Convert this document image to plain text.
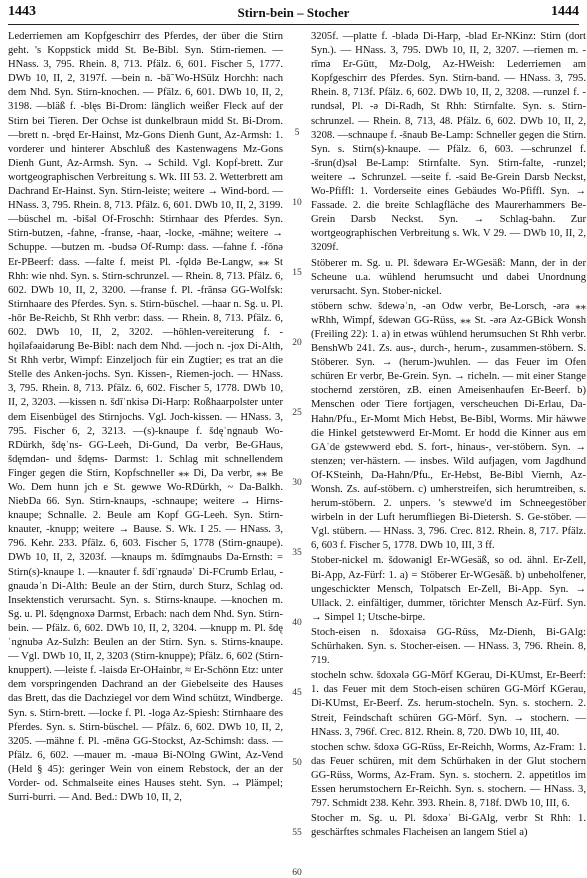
1443	Stirn-bein – Stocher	1444

Lederriemen am Kopfgeschirr des Pferdes, der über die Stirn geht. 's Koppstick midd St. Be-Bibl. Syn. Stirn-riemen. — HNass. 3, 795. Rhein. 8, 713. Pfälz. 6, 601. Fischer 5, 1777. DWb 10, II, 2, 3197f. —bein n. -bā̃ Wo-HSülz Horchh: nach dem Nhd. Syn. Stirn-knochen. — Pfälz. 6, 601. DWb 10, II, 2, 3198. —bläß f. -blęs Bi-Drom: länglich weißer Fleck auf der Stirn bei Tieren. Der Ochse ist dunkelbraun midd St. Bi-Drom. —brett n. -bręd Er-Hainst, Mz-Gons Dienh Gunt, Az-Armsh: 1. vorderer und hinterer Abschluß des Kastenwagens Mz-Gons Dienh Gunt, Az-Armsh. Syn. → Schild. Vgl. Kopf-brett. Zur wortgeographischen Verbreitung s. Wk. III 53. 2. Wetterbrett am Dachrand Er-Hainst. Syn. Stirn-leiste; weitere → Wind-bord. — HNass. 3, 795. Rhein. 8, 713. Pfälz. 6, 601. DWb 10, II, 2, 3199. —büschel m. -bišəl Of-Froschh: Stirnhaar des Pferdes. Syn. Stirn-butzen, -fahne, -franse, -haar, -locke, -mähne; weitere → Schuppe. —butzen m. -budsə Of-Rump: dass. —fahne f. -fōnə Er-PBeerf: dass. —falte f. meist Pl. -fǫldə Be-Langw, ⁎⁎ St Rhh: wie nhd. Syn. s. Stirn-schrunzel. — Rhein. 8, 713. Pfälz. 6, 602. DWb 10, II, 2, 3200. —franse f. Pl. -frãnsə GG-Wolfsk: Stirnhaare des Pferdes. Syn. s. Stirn-büschel. —haar n. Sg. u. Pl. -hōr Be-Reichb, St Rhh verbr: dass. — Rhein. 8, 713. Pfälz. 6, 602. DWb 10, II, 2, 3202. —höhlen-vereiterung f. -hǫilǝfǝaidǝrung Be-Bibl: nach dem Nhd. —joch n. -jox Di-Alth, St Rhh verbr, Wimpf: Einzeljoch für ein Zugtier; es trat an die Stelle des Anken-jochs. Syn. Kissen-, Riemen-joch. — HNass. 3, 795. Rhein. 8, 713. Pfälz. 6, 602. Fischer 5, 1778. DWb 10, II, 2, 3203. —kissen n. šdīˈnkisə Di-Harp: Roßhaarpolster unter dem Eisenbügel des Stirnjochs. Vgl. Joch-kissen. — HNass. 3, 795. Fischer 6, 2, 3213. —(s)-knaupe f. šdęˈngnaub Wo-RDürkh, šdęˈns- GG-Leeh, Di-Gund, Da verbr, Be-GHaus, šdęmdən- und šdęms- Darmst: 1. Schlag mit schnellendem Finger gegen die Stirn, Kopfschneller ⁎⁎ Di, Da verbr, ⁎⁎ Be Wo. Dem hunn jch e St. gewwe Wo-RDürkh, ~ Da-Balkh. NiebDa 66. Syn. Stirn-knaups, -schnaupe; weitere → Hirns-knaupe; Schnalle. 2. Beule am Kopf GG-Leeh. Syn. Stirn-knauter, -knupp; weitere → Bause. S. Wk. I 25. — HNass. 3, 796. Kehr. 233. Pfälz. 6, 603. Fischer 5, 1778 (Stirn-gnaupe). DWb 10, II, 2, 3203f. —knaups m. šdīmgnaubs Da-Ernsth: = Stirn(s)-knaupe 1. —knauter f. šdīˈrgnaudəˈ Di-FCrumb Erlau, -gnaudəˈn Di-Alth: Beule an der Stirn, durch Sturz, Schlag od. Insektenstich verursacht. Syn. s. Stirns-knaupe. —knochen m. Sg. u. Pl. šdęngnoxə Darmst, Erbach: nach dem Nhd. Syn. Stirn-bein. — Pfälz. 6, 602. DWb 10, II, 2, 3204. —knupp m. Pl. šdęˈngnubə Az-Sulzh: Beulen an der Stirn. Syn. s. Stirns-knaupe. — Vgl. DWb 10, II, 2, 3203 (Stirn-knuppe); Pfälz. 6, 602 (Stirn-knuppert). —leiste f. -laisdə Er-OHainbr, ≈ Er-Schönn Etz: unter dem vorspringenden Dachrand an der Giebelseite des Hauses das Brett, das die Dachziegel vor dem Wind schützt, Windberge. Syn. s. Stirn-brett. —locke f. Pl. -logə Az-Spiesh: Stirnhaare des Pferdes. Syn. s. Stirn-büschel. — Pfälz. 6, 602. DWb 10, II, 2, 3205. —mähne f. Pl. -mēnə GG-Stockst, Az-Schimsh: dass. — Pfälz. 6, 602. —mauer m. -mauə Bi-NOlng GWint, Az-Vend (Held § 45): geringer Wein von einem Rebstock, der an der Vorder- od. Schmalseite eines Hauses steht. Syn. → Plämpel; Surri-burri. — And. Bed.: DWb 10, II, 2,

5
10
15
20
25
30
35
40
45
50
55
60

3205f. —platte f. -bladə Di-Harp, -blad Er-NKinz: Stirn (dort Syn.). — HNass. 3, 795. DWb 10, II, 2, 3207. —riemen m. -rīmə Er-Gütt, Mz-Dolg, Az-HWeish: Lederriemen am Kopfgeschirr des Pferdes. Syn. Stirn-band. — HNass. 3, 795. Rhein. 8, 713f. Pfälz. 6, 602. DWb 10, II, 2, 3208. —runzel f. -rundsəl, Pl. -ə Di-Radh, St Rhh: Stirnfalte. Syn. s. Stirn-schrunzel. — Rhein. 8, 713, 48. Pfälz. 6, 602. DWb 10, II, 2, 3208. —schnaupe f. -šnaub Be-Lamp: Schneller gegen die Stirn. Syn. s. Stirn(s)-knaupe. — Pfälz. 6, 603. —schrunzel f. -šrun(d)səl Be-Lamp: Stirnfalte. Syn. Stirn-falte, -runzel; weitere → Schrunzel. —seite f. -said Be-Grein Darsb Neckst, Wo-Pfiffl: 1. Vorderseite eines Gebäudes Wo-Pfiffl. Syn. → Fassade. 2. die breite Schlagfläche des Maurerhammers Be-Grein Darsb Neckst. Syn. → Schlag-bahn. Zur wortgeographischen Verbreitung s. Wk. V 29. — DWb 10, II, 2, 3209f.

Stöberer m. Sg. u. Pl. šdewərə Er-WGesäß: Mann, der in der Scheune u.a. wühlend herumsucht und dabei Unordnung verursacht. Syn. Stober-nickel.

stöbern schw. šdewəˈn, -ən Odw verbr, Be-Lorsch, -ərə ⁎⁎ wRhh, Wimpf, šdewən GG-Rüss, ⁎⁎ St. -ərə Az-GBick Wonsh (Freiling 22): 1. a) in etwas wühlend herumsuchen St Rhh verbr. BenshWb 241. Zs. aus-, durch-, herum-, zusammen-stöbern. S. Stöberer. Syn. → (herum-)wuhlen. — das Feuer im Ofen schüren Er verbr, Be-Grein. Syn. → richeln. — mit einer Stange stochernd zerstören, zB. einen Ameisenhaufen Er-Beerf. b) Menschen oder Tiere fortjagen, verscheuchen Di-Erlau, Da-Hahn/Pfu., Er-Momt Mich Hebst, Be-Bibl, Worms. Mir häwwe die Hinkel getstewwerd Er-Momt. Er hodd die Kinner aus em GAˈde gstewwerd ebd. S. fort-, hinaus-, ver-stöbern. Syn. → stenzen; ver-hästern. — insbes. Wild aufjagen, vom Jagdhund Of-KSteinh, Da-Hahn/Pfu., Er-Hebst, Be-Bibl Viernh, Az-Wonsh. Zs. auf-stöbern. c) umherstreifen, sich herumtreiben, s. herum-stöbern. 2. unpers. 's stewwe'd im Schneegestöber wirbeln in der Luft herumfliegen Bi-Dietersh. S. Ge-stöber. — Vgl. stübern. — HNass. 3, 796. Crec. 812. Rhein. 8, 717. Pfälz. 6, 603 f. Fischer 5, 1778. DWb 10, III, 3 ff.

Stober-nickel m. šdowənigl Er-WGesäß, so od. ähnl. Er-Zell, Bi-App, Az-Fürf: 1. a) = Stöberer Er-WGesäß. b) unbeholfener, ungeschickter Mensch, Tolpatsch Er-Zell, Bi-App. Syn. → Ullack. 2. einfältiger, dummer, törichter Mensch Az-Fürf. Syn. → Simpel 1; Utsche-birpe.

Stoch-eisen n. šdoxaisə GG-Rüss, Mz-Dienh, Bi-GAlg: Schürhaken. Syn. s. Stocher-eisen. — HNass. 3, 796. Rhein. 8, 719.

stocheln schw. šdoxələ GG-Mörf KGerau, Di-KUmst, Er-Beerf: 1. das Feuer mit dem Stoch-eisen schüren GG-Mörf KGerau, Di-KUmst, Er-Beerf. Zs. herum-stocheln. Syn. s. stochern. 2. Streit, Feindschaft schüren GG-Mörf. Syn. → stochern. — HNass. 3, 796f. Crec. 812. Rhein. 8, 720. DWb 10, III, 40.

stochen schw. šdoxə GG-Rüss, Er-Reichh, Worms, Az-Fram: 1. das Feuer schüren, mit dem Schürhaken in der Glut stochern GG-Rüss, Worms, Az-Fram. Syn. s. stochern. 2. appetitlos im Essen herumstochern Er-Reichh. Syn. s. stochern. — HNass. 3, 797. Schmidt 238. Kehr. 393. Rhein. 8, 718f. DWb 10, III, 6.

Stocher m. Sg. u. Pl. šdoxəˈ Bi-GAlg, verbr St Rhh: 1. geschärftes schmales Flacheisen an langem Stiel a)
